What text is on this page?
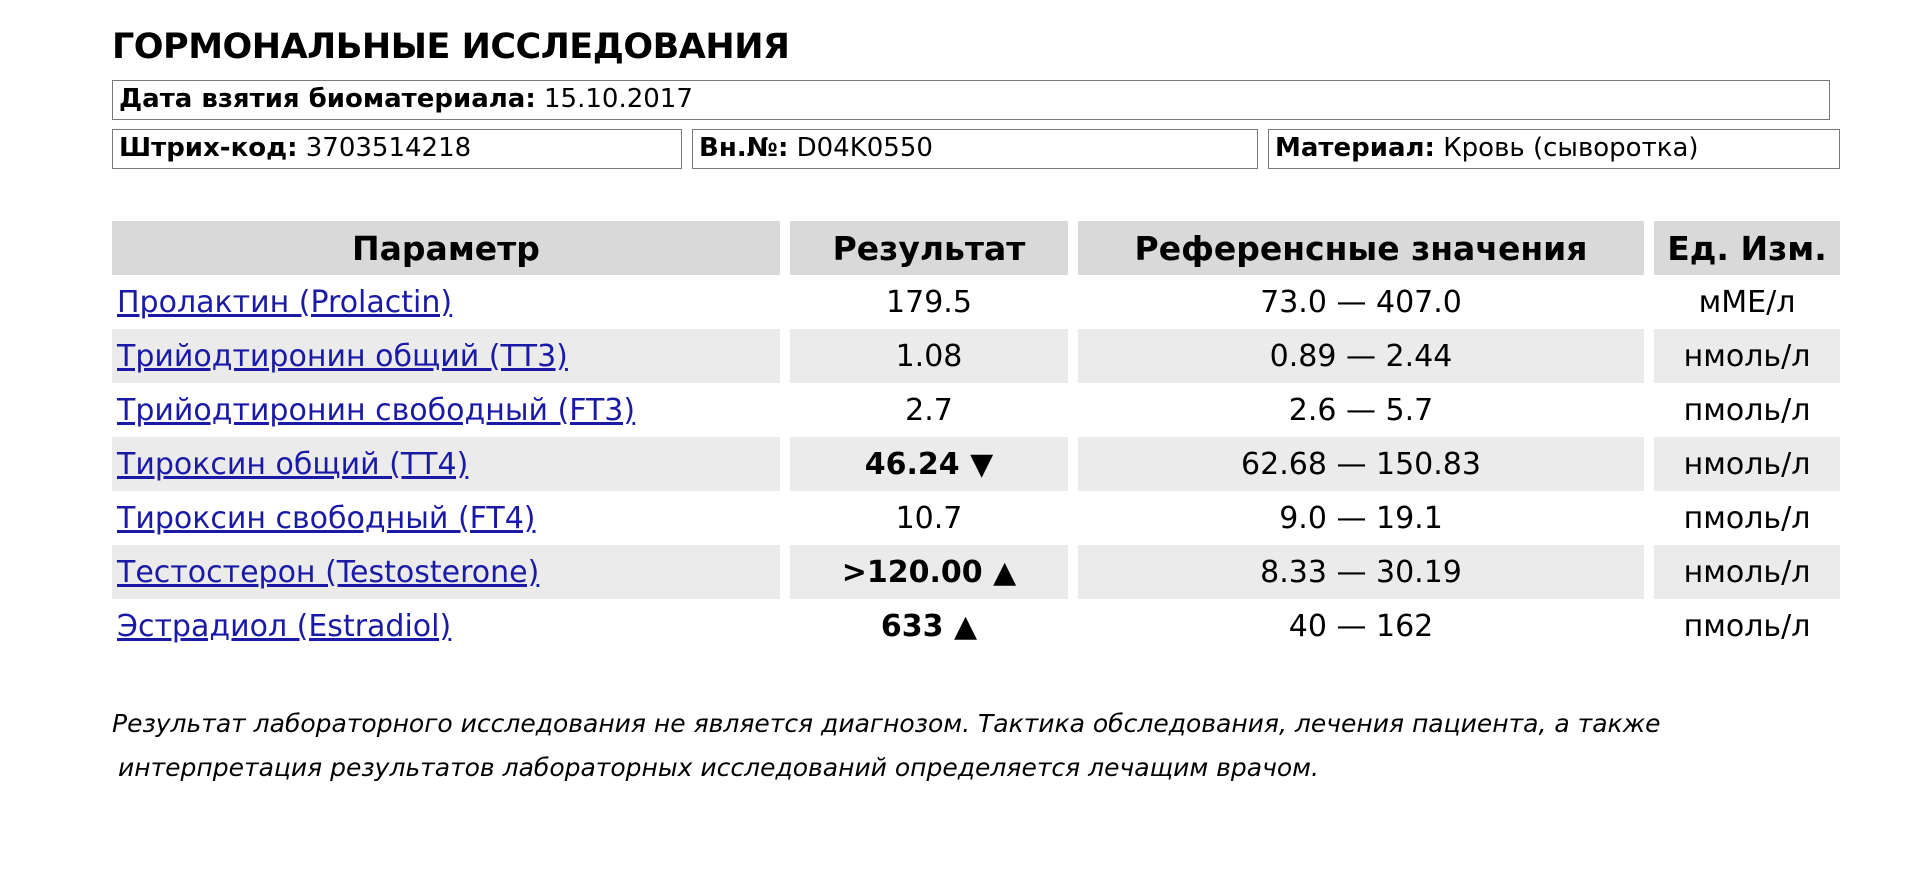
ГОРМОНАЛЬНЫЕ ИССЛЕДОВАНИЯ
Дата взятия биоматериала: 15.10.2017
Штрих-код: 3703514218	Вн.№: D04K0550	Материал: Кровь (сыворотка)
Параметр	Результат	Референсные значения	Ед. Изм.
Пролактин (Prolactin)	179.5	73.0 — 407.0	мМЕ/л
Трийодтиронин общий (ТТ3)	1.08	0.89 — 2.44	нмоль/л
Трийодтиронин свободный (FT3)	2.7	2.6 — 5.7	пмоль/л
Тироксин общий (ТТ4)	46.24 ▼	62.68 — 150.83	нмоль/л
Тироксин свободный (FT4)	10.7	9.0 — 19.1	пмоль/л
Тестостерон (Testosterone)	>120.00 ▲	8.33 — 30.19	нмоль/л
Эстрадиол (Estradiol)	633 ▲	40 — 162	пмоль/л

Результат лабораторного исследования не является диагнозом. Тактика обследования, лечения пациента, а также

интерпретация результатов лабораторных исследований определяется лечащим врачом.
